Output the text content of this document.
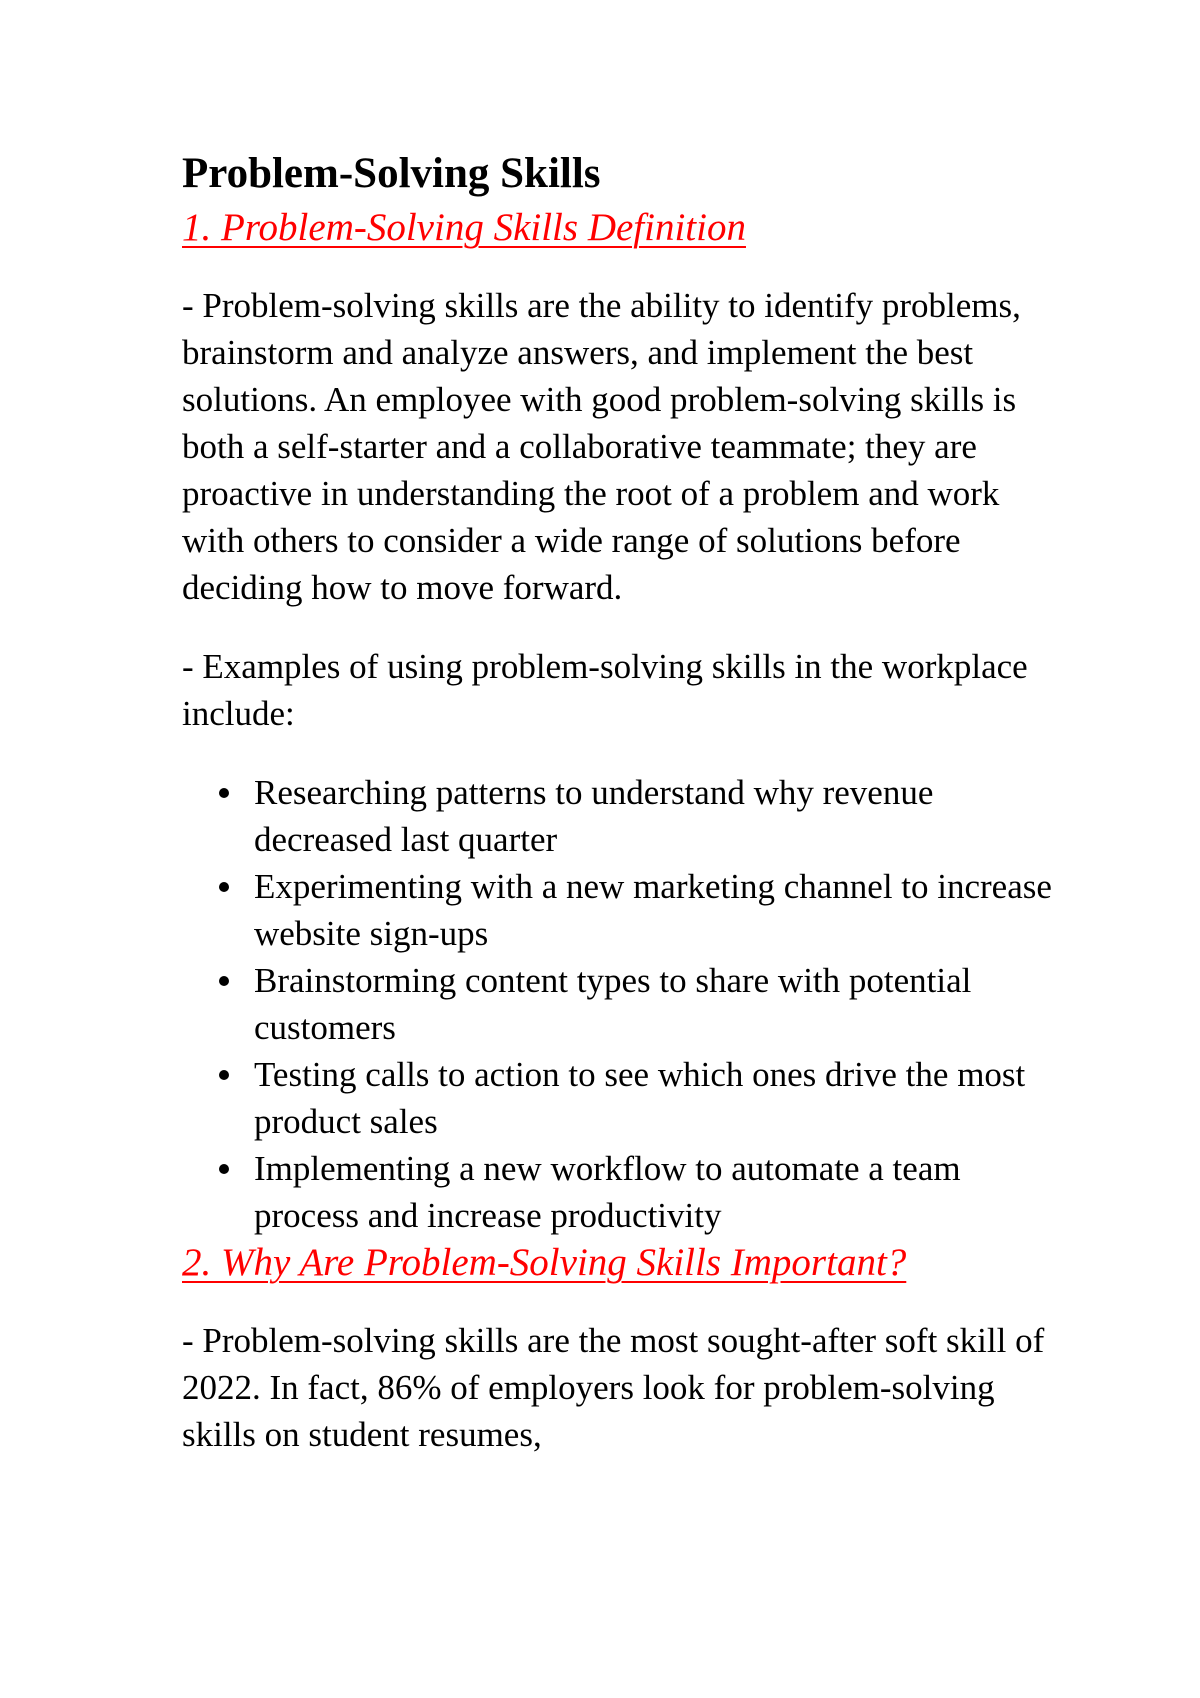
Problem-Solving Skills
1. Problem-Solving Skills Definition

- Problem-solving skills are the ability to identify problems, brainstorm and analyze answers, and implement the best solutions. An employee with good problem-solving skills is both a self-starter and a collaborative teammate; they are proactive in understanding the root of a problem and work with others to consider a wide range of solutions before deciding how to move forward.

- Examples of using problem-solving skills in the workplace include:

Researching patterns to understand why revenue decreased last quarter
Experimenting with a new marketing channel to increase website sign-ups
Brainstorming content types to share with potential customers
Testing calls to action to see which ones drive the most product sales
Implementing a new workflow to automate a team process and increase productivity
2. Why Are Problem-Solving Skills Important?

- Problem-solving skills are the most sought-after soft skill of 2022. In fact, 86% of employers look for problem-solving skills on student resumes,
